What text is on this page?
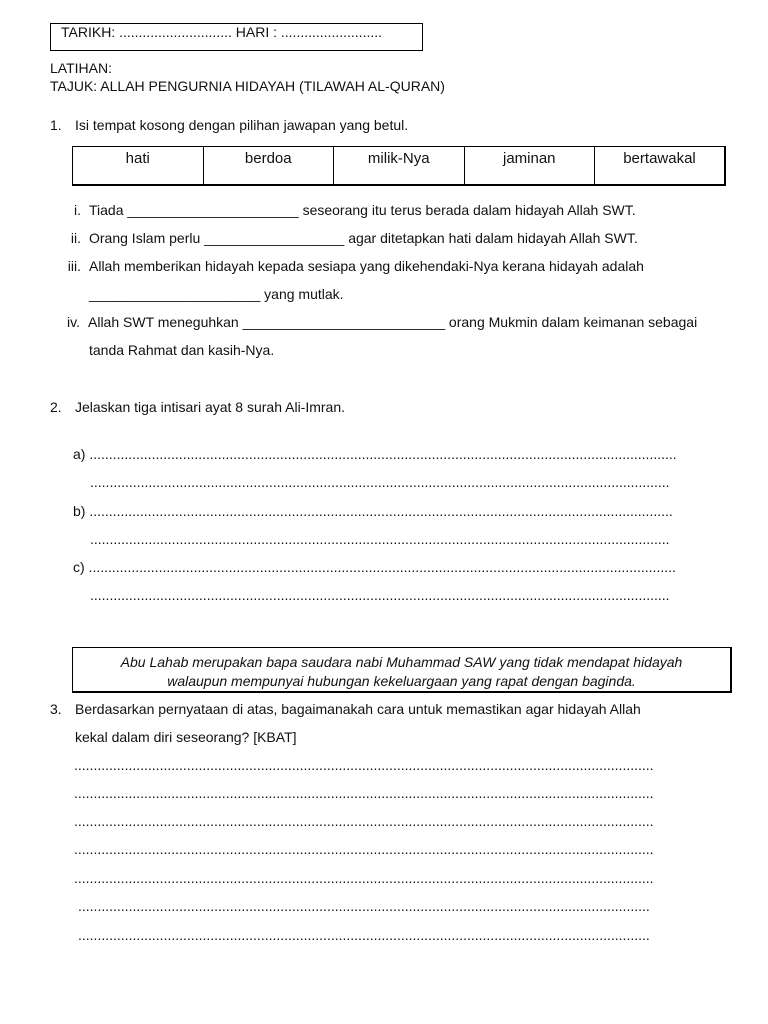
TARIKH: ............................. HARI : ..........................
LATIHAN:
TAJUK: ALLAH PENGURNIA HIDAYAH (TILAWAH AL-QURAN)
1. Isi tempat kosong dengan pilihan jawapan yang betul.
hati	berdoa	milik-Nya	jaminan	bertawakal
i. Tiada ______________________ seseorang itu terus berada dalam hidayah Allah SWT.
ii. Orang Islam perlu __________________ agar ditetapkan hati dalam hidayah Allah SWT.
iii. Allah memberikan hidayah kepada sesiapa yang dikehendaki-Nya kerana hidayah adalah
______________________ yang mutlak.
iv. Allah SWT meneguhkan __________________________ orang Mukmin dalam keimanan sebagai
tanda Rahmat dan kasih-Nya.
2. Jelaskan tiga intisari ayat 8 surah Ali-Imran.
a) .......................................................................................................................................................
.....................................................................................................................................................
b) ......................................................................................................................................................
.....................................................................................................................................................
c) .......................................................................................................................................................
.....................................................................................................................................................
Abu Lahab merupakan bapa saudara nabi Muhammad SAW yang tidak mendapat hidayah
walaupun mempunyai hubungan kekeluargaan yang rapat dengan baginda.
3. Berdasarkan pernyataan di atas, bagaimanakah cara untuk memastikan agar hidayah Allah
kekal dalam diri seseorang? [KBAT]
.....................................................................................................................................................
.....................................................................................................................................................
.....................................................................................................................................................
.....................................................................................................................................................
.....................................................................................................................................................
...................................................................................................................................................
...................................................................................................................................................
